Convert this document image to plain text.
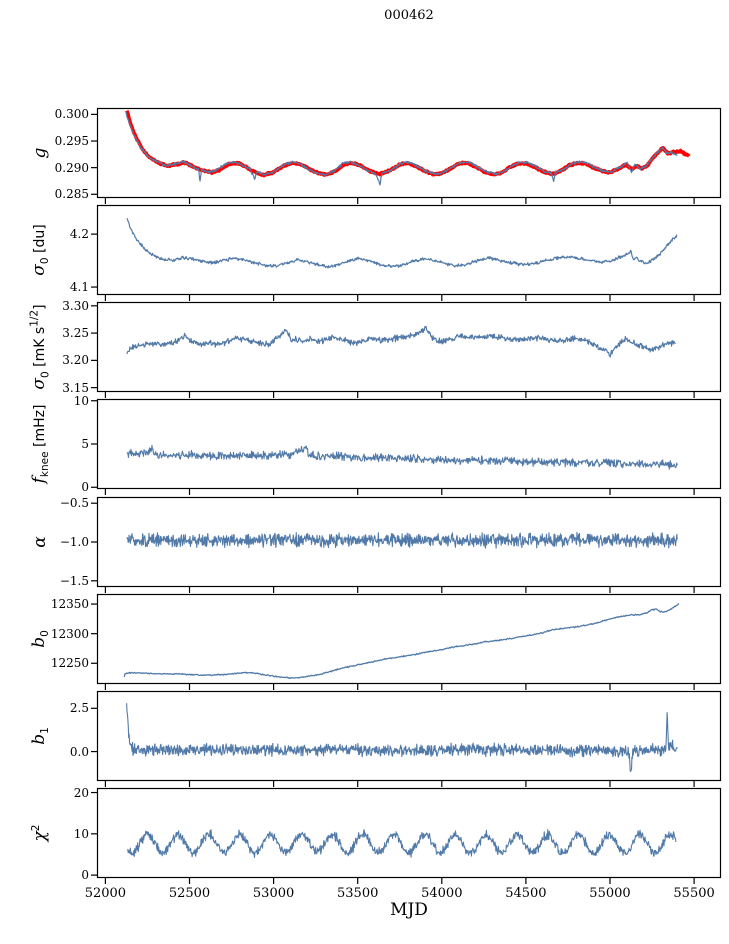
000462
0.285
0.290
0.295
0.300
g
4.1
4.2
$\sigma_0$ [du]
3.15
3.20
3.25
3.30
$\sigma_0$ [mK $s^{1/2}$]
0
5
10
$f_{knee}$ [mHz]
−1.5
−1.0
−0.5
α
12250
12300
12350
$b_0$
0.0
2.5
$b_1$
0
10
20
$\chi^2$
52000	52500	53000	53500	54000	54500	55000	55500
MJD
